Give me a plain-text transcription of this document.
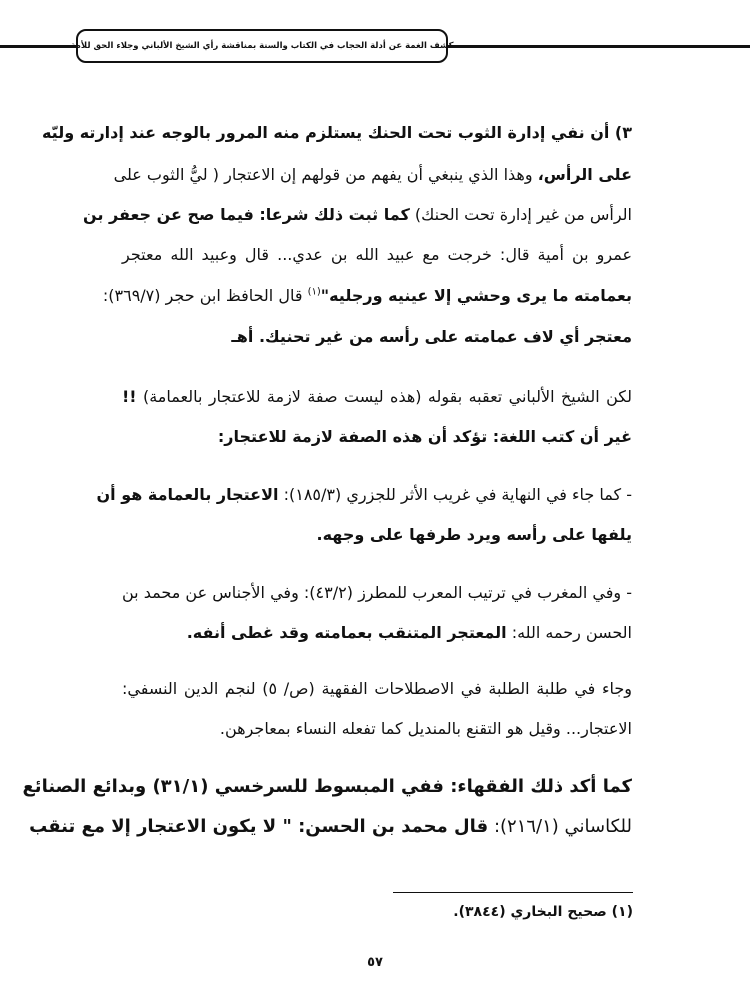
كشف الغمة عن أدلة الحجاب في الكتاب والسنة بمناقشة رأي الشيخ الألباني وجلاء الحق للأمة
٣) أن نفي إدارة الثوب تحت الحنك يستلزم منه المرور بالوجه عند إدارته وليّه
على الرأس، وهذا الذي ينبغي أن يفهم من قولهم إن الاعتجار ( ليُّ الثوب على
الرأس من غير إدارة تحت الحنك) كما ثبت ذلك شرعا: فيما صح عن جعفر بن
عمرو بن أمية قال: خرجت مع عبيد الله بن عدي... قال وعبيد الله معتجر
بعمامته ما يرى وحشي إلا عينيه ورجليه"$^{(١)}$ قال الحافظ ابن حجر (٣٦٩/٧):
معتجر أي لاف عمامته على رأسه من غير تحنيك. أهـ
لكن الشيخ الألباني تعقبه بقوله (هذه ليست صفة لازمة للاعتجار بالعمامة) !!
غير أن كتب اللغة: تؤكد أن هذه الصفة لازمة للاعتجار:
- كما جاء في النهاية في غريب الأثر للجزري (١٨٥/٣): الاعتجار بالعمامة هو أن
يلفها على رأسه ويرد طرفها على وجهه.
- وفي المغرب في ترتيب المعرب للمطرز (٤٣/٢): وفي الأجناس عن محمد بن
الحسن رحمه الله: المعتجر المتنقب بعمامته وقد غطى أنفه.
وجاء في طلبة الطلبة في الاصطلاحات الفقهية (ص/ ٥) لنجم الدين النسفي:
الاعتجار... وقيل هو التقنع بالمنديل كما تفعله النساء بمعاجرهن.
كما أكد ذلك الفقهاء: ففي المبسوط للسرخسي (٣١/١) وبدائع الصنائع
للكاساني (٢١٦/١): قال محمد بن الحسن: " لا يكون الاعتجار إلا مع تنقب
(١) صحيح البخاري (٣٨٤٤).
٥٧
